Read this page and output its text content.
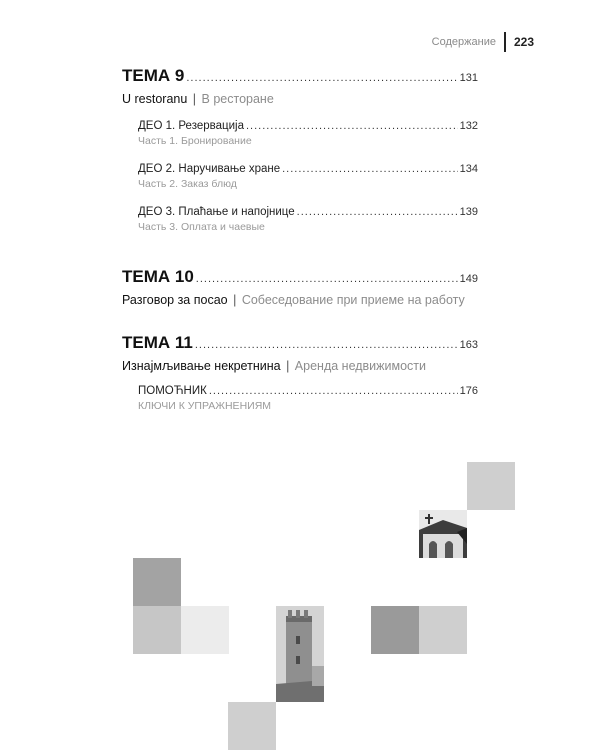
Содержание 223
ТЕМА 9 .....	131
U restoranu | В ресторане
ДЕО 1. Резервација .....	132
Часть 1. Бронирование
ДЕО 2. Наручивање хране .....	134
Часть 2. Заказ блюд
ДЕО 3. Плаћање и напојнице .....	139
Часть 3. Оплата и чаевые
ТЕМА 10 .....	149
Разговор за посао | Собеседование при приеме на работу
ТЕМА 11 .....	163
Изнајмљивање некретнина | Аренда недвижимости
ПОМОЋНИК .....	176
КЛЮЧИ К УПРАЖНЕНИЯМ
